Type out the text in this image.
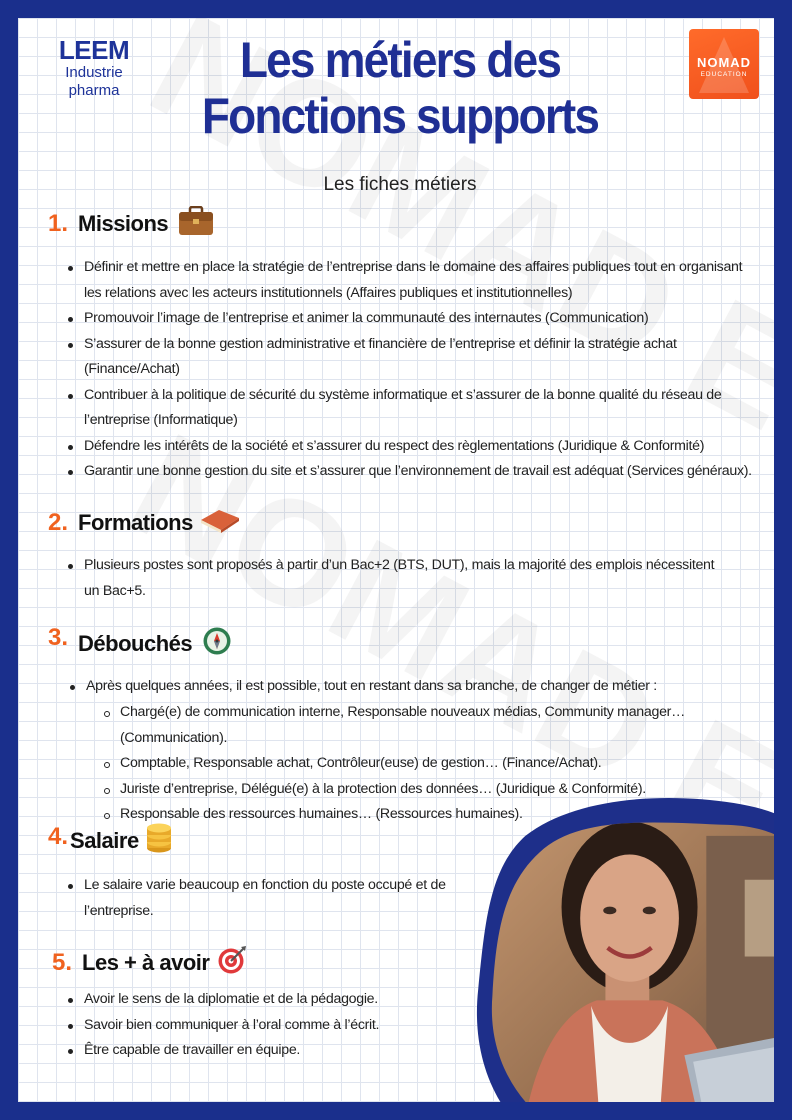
LEEM
Industrie
pharma
Les métiers des
Fonctions supports
Les fiches métiers
NOMAD
EDUCATION
1. Missions
Définir et mettre en place la stratégie de l’entreprise dans le domaine des affaires publiques tout en organisant les relations avec les acteurs institutionnels (Affaires publiques et institutionnelles)
Promouvoir l’image de l’entreprise et animer la communauté des internautes (Communication)
S’assurer de la bonne gestion administrative et financière de l’entreprise et définir la stratégie achat (Finance/Achat)
Contribuer à la politique de sécurité du système informatique et s’assurer de la bonne qualité du réseau de l’entreprise (Informatique)
Défendre les intérêts de la société et s’assurer du respect des règlementations (Juridique & Conformité)
Garantir une bonne gestion du site et s’assurer que l’environnement de travail est adéquat (Services généraux).
2. Formations
Plusieurs postes sont proposés à partir d’un Bac+2 (BTS, DUT), mais la majorité des emplois nécessitent un Bac+5.
3. Débouchés
Après quelques années, il est possible, tout en restant dans sa branche, de changer de métier :
Chargé(e) de communication interne, Responsable nouveaux médias, Community manager… (Communication).
Comptable, Responsable achat, Contrôleur(euse) de gestion… (Finance/Achat).
Juriste d’entreprise, Délégué(e) à la protection des données… (Juridique & Conformité).
Responsable des ressources humaines… (Ressources humaines).
4. Salaire
Le salaire varie beaucoup en fonction du poste occupé et de l’entreprise.
5. Les + à avoir
Avoir le sens de la diplomatie et de la pédagogie.
Savoir bien communiquer à l’oral comme à l’écrit.
Être capable de travailler en équipe.
